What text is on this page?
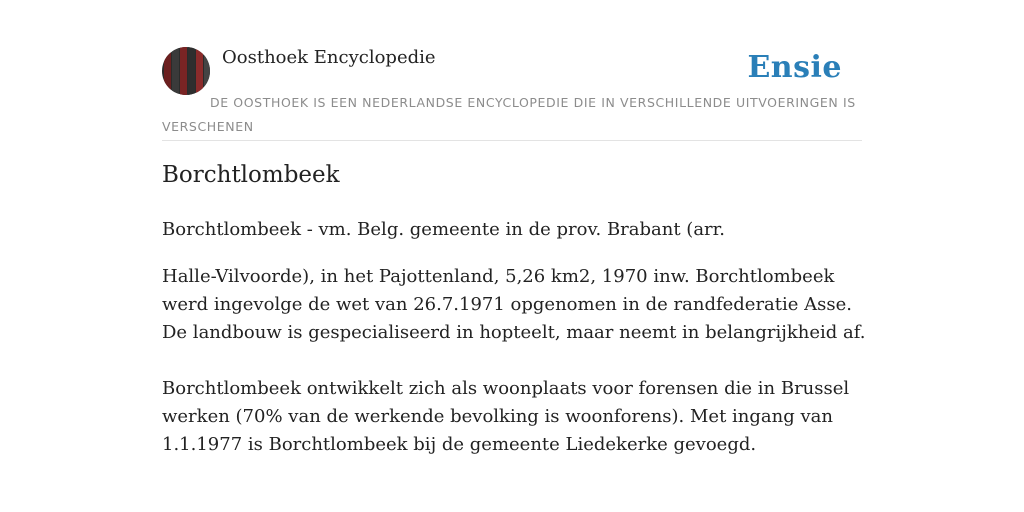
Oosthoek Encyclopedie	Ensie
DE OOSTHOEK IS EEN NEDERLANDSE ENCYCLOPEDIE DIE IN VERSCHILLENDE UITVOERINGEN IS VERSCHENEN
Borchtlombeek

Borchtlombeek - vm. Belg. gemeente in de prov. Brabant (arr.

Halle-Vilvoorde), in het Pajottenland, 5,26 km2, 1970 inw. Borchtlombeek werd ingevolge de wet van 26.7.1971 opgenomen in de randfederatie Asse. De landbouw is gespecialiseerd in hopteelt, maar neemt in belangrijkheid af.

Borchtlombeek ontwikkelt zich als woonplaats voor forensen die in Brussel werken (70% van de werkende bevolking is woonforens). Met ingang van 1.1.1977 is Borchtlombeek bij de gemeente Liedekerke gevoegd.
